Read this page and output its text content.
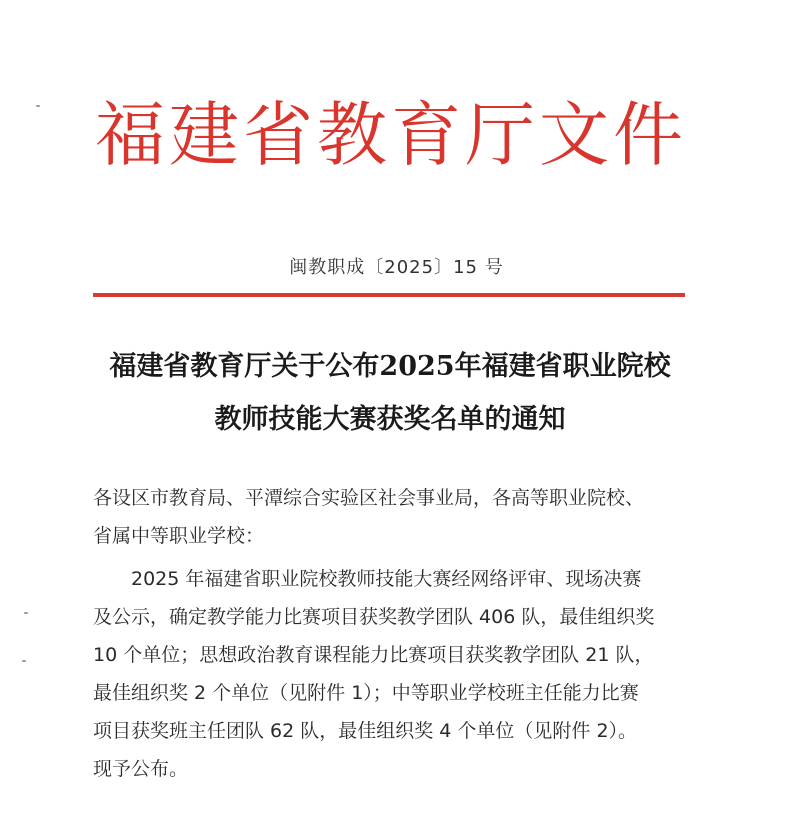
福建省教育厅文件
闽教职成〔2025〕15 号
福建省教育厅关于公布2025年福建省职业院校
教师技能大赛获奖名单的通知
各设区市教育局、平潭综合实验区社会事业局，各高等职业院校、
省属中等职业学校：
2025 年福建省职业院校教师技能大赛经网络评审、现场决赛
及公示，确定教学能力比赛项目获奖教学团队 406 队，最佳组织奖
10 个单位；思想政治教育课程能力比赛项目获奖教学团队 21 队，
最佳组织奖 2 个单位（见附件 1）；中等职业学校班主任能力比赛
项目获奖班主任团队 62 队，最佳组织奖 4 个单位（见附件 2）。
现予公布。
